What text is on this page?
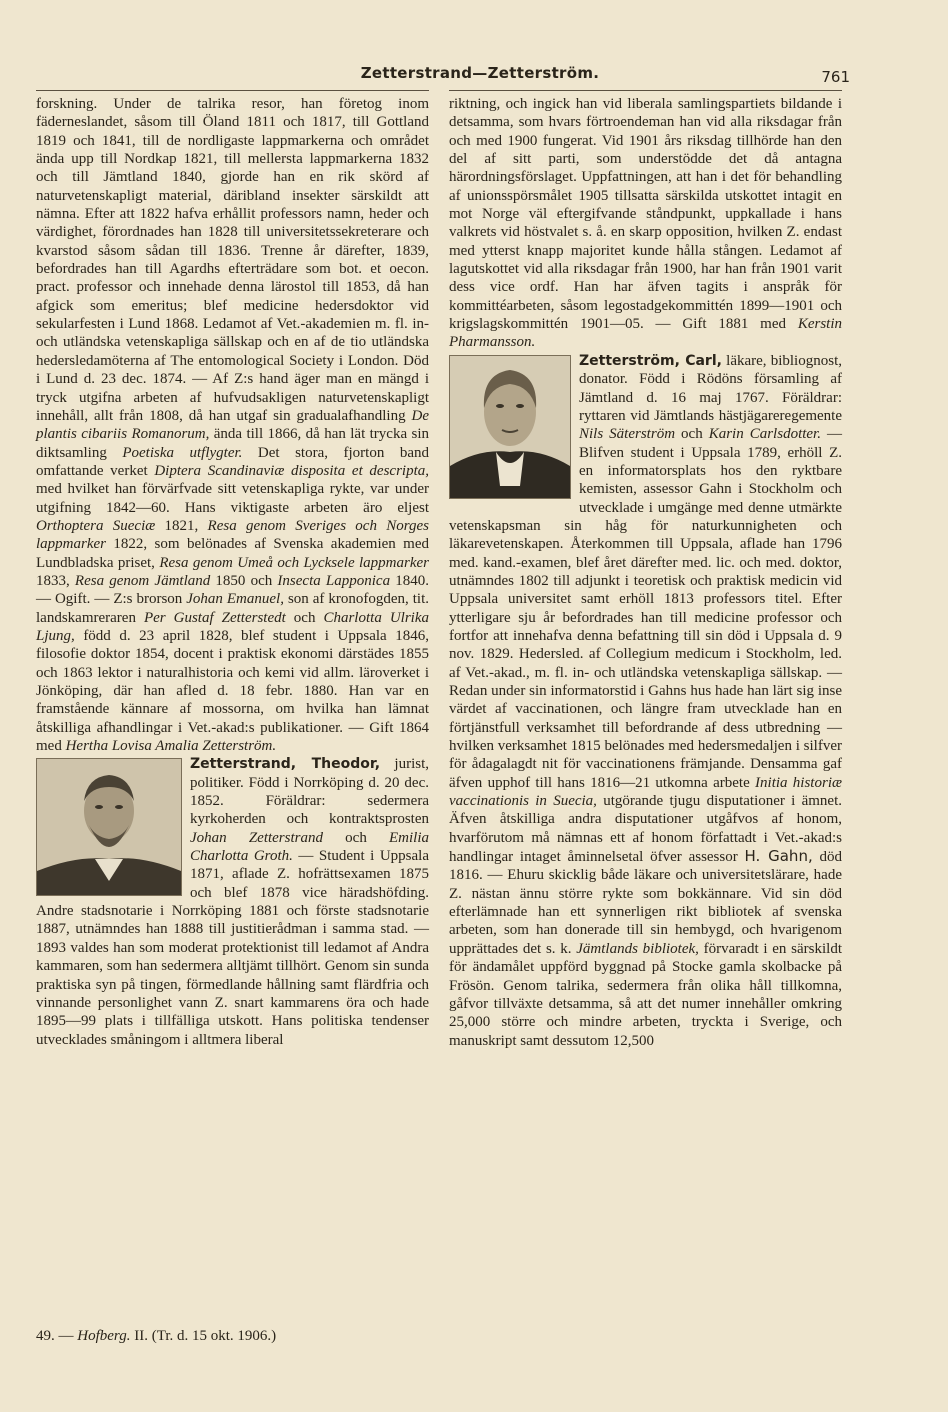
Zetterstrand—Zetterström.	761

forskning. Under de talrika resor, han företog inom fäderneslandet, såsom till Öland 1811 och 1817, till Gottland 1819 och 1841, till de nordligaste lappmarkerna och området ända upp till Nordkap 1821, till mellersta lappmarkerna 1832 och till Jämtland 1840, gjorde han en rik skörd af naturvetenskapligt material, däribland insekter särskildt att nämna. Efter att 1822 hafva erhållit professors namn, heder och värdighet, förordnades han 1828 till universitetssekreterare och kvarstod såsom sådan till 1836. Trenne år därefter, 1839, befordrades han till Agardhs efterträdare som bot. et oecon. pract. professor och innehade denna lärostol till 1853, då han afgick som emeritus; blef medicine hedersdoktor vid sekularfesten i Lund 1868. Ledamot af Vet.-akademien m. fl. in- och utländska vetenskapliga sällskap och en af de tio utländska hedersledamöterna af The entomological Society i London. Död i Lund d. 23 dec. 1874. — Af Z:s hand äger man en mängd i tryck utgifna arbeten af hufvudsakligen naturvetenskapligt innehåll, allt från 1808, då han utgaf sin gradualafhandling De plantis cibariis Romanorum, ända till 1866, då han lät trycka sin diktsamling Poetiska utflygter. Det stora, fjorton band omfattande verket Diptera Scandinaviæ disposita et descripta, med hvilket han förvärfvade sitt vetenskapliga rykte, var under utgifning 1842—60. Hans viktigaste arbeten äro eljest Orthoptera Sueciæ 1821, Resa genom Sveriges och Norges lappmarker 1822, som belönades af Svenska akademien med Lundbladska priset, Resa genom Umeå och Lycksele lappmarker 1833, Resa genom Jämtland 1850 och Insecta Lapponica 1840. — Ogift. — Z:s brorson Johan Emanuel, son af kronofogden, tit. landskamreraren Per Gustaf Zetterstedt och Charlotta Ulrika Ljung, född d. 23 april 1828, blef student i Uppsala 1846, filosofie doktor 1854, docent i praktisk ekonomi därstädes 1855 och 1863 lektor i naturalhistoria och kemi vid allm. läroverket i Jönköping, där han afled d. 18 febr. 1880. Han var en framstående kännare af mossorna, om hvilka han lämnat åtskilliga afhandlingar i Vet.-akad:s publikationer. — Gift 1864 med Hertha Lovisa Amalia Zetterström.

Zetterstrand, Theodor,
jurist, politiker. Född i Norrköping d. 20 dec. 1852. Föräldrar: sedermera kyrkoherden och kontraktsprosten Johan Zetterstrand och Emilia Charlotta Groth. — Student i Uppsala 1871, aflade Z. hofrättsexamen 1875 och blef 1878 vice häradshöfding. Andre stadsnotarie i Norrköping 1881 och förste stadsnotarie 1887, utnämndes han 1888 till justitierådman i samma stad. — 1893 valdes han som moderat protektionist till ledamot af Andra kammaren, som han sedermera alltjämt tillhört. Genom sin sunda praktiska syn på tingen, förmedlande hållning samt flärdfria och vinnande personlighet vann Z. snart kammarens öra och hade 1895—99 plats i tillfälliga utskott. Hans politiska tendenser utvecklades småningom i alltmera liberal

riktning, och ingick han vid liberala samlingspartiets bildande i detsamma, som hvars förtroendeman han vid alla riksdagar från och med 1900 fungerat. Vid 1901 års riksdag tillhörde han den del af sitt parti, som understödde det då antagna härordningsförslaget. Uppfattningen, att han i det för behandling af unionsspörsmålet 1905 tillsatta särskilda utskottet intagit en mot Norge väl eftergifvande ståndpunkt, uppkallade i hans valkrets vid höstvalet s. å. en skarp opposition, hvilken Z. endast med ytterst knapp majoritet kunde hålla stången. Ledamot af lagutskottet vid alla riksdagar från 1900, har han från 1901 varit dess vice ordf. Han har äfven tagits i anspråk för kommittéarbeten, såsom legostadgekommittén 1899—1901 och krigslagskommittén 1901—05. — Gift 1881 med Kerstin Pharmansson.

Zetterström, Carl,
läkare, bibliognost, donator. Född i Rödöns församling af Jämtland d. 16 maj 1767. Föräldrar: ryttaren vid Jämtlands hästjägareregemente Nils Säterström och Karin Carlsdotter. — Blifven student i Uppsala 1789, erhöll Z. en informatorsplats hos den ryktbare kemisten, assessor Gahn i Stockholm och utvecklade i umgänge med denne utmärkte vetenskapsman sin håg för naturkunnigheten och läkarevetenskapen. Återkommen till Uppsala, aflade han 1796 med. kand.-examen, blef året därefter med. lic. och med. doktor, utnämndes 1802 till adjunkt i teoretisk och praktisk medicin vid Uppsala universitet samt erhöll 1813 professors titel. Efter ytterligare sju år befordrades han till medicine professor och fortfor att innehafva denna befattning till sin död i Uppsala d. 9 nov. 1829. Hedersled. af Collegium medicum i Stockholm, led. af Vet.-akad., m. fl. in- och utländska vetenskapliga sällskap. — Redan under sin informatorstid i Gahns hus hade han lärt sig inse värdet af vaccinationen, och längre fram utvecklade han en förtjänstfull verksamhet till befordrande af dess utbredning — hvilken verksamhet 1815 belönades med hedersmedaljen i silfver för ådagalagdt nit för vaccinationens främjande. Densamma gaf äfven upphof till hans 1816—21 utkomna arbete Initia historiæ vaccinationis in Suecia, utgörande tjugu disputationer i ämnet. Äfven åtskilliga andra disputationer utgåfvos af honom, hvarförutom må nämnas ett af honom författadt i Vet.-akad:s handlingar intaget åminnelsetal öfver assessor H. Gahn, död 1816. — Ehuru skicklig både läkare och universitetslärare, hade Z. nästan ännu större rykte som bokkännare. Vid sin död efterlämnade han ett synnerligen rikt bibliotek af svenska arbeten, som han donerade till sin hembygd, och hvarigenom upprättades det s. k. Jämtlands bibliotek, förvaradt i en särskildt för ändamålet uppförd byggnad på Stocke gamla skolbacke på Frösön. Genom talrika, sedermera från olika håll tillkomna, gåfvor tillväxte detsamma, så att det numer innehåller omkring 25,000 större och mindre arbeten, tryckta i Sverige, och manuskript samt dessutom 12,500

49. — Hofberg. II. (Tr. d. 15 okt. 1906.)
